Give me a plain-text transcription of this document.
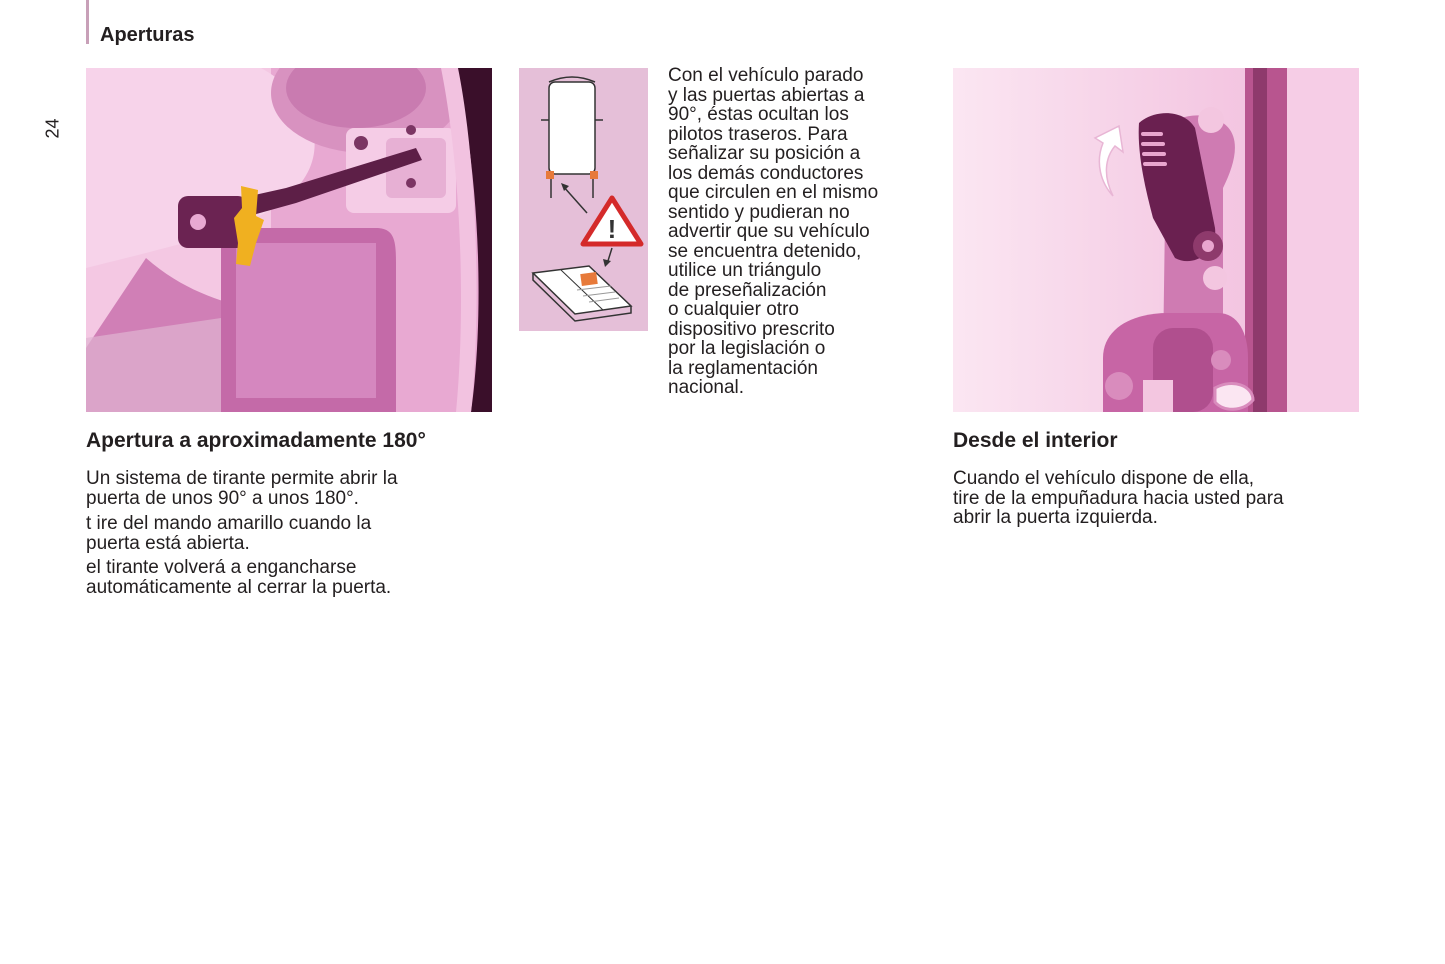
Aperturas
24
!
Con el vehículo parado
y las puertas abiertas a
90°, éstas ocultan los
pilotos traseros. Para
señalizar su posición a
los demás conductores
que circulen en el mismo
sentido y pudieran no
advertir que su vehículo
se encuentra detenido,
utilice un triángulo
de preseñalización
o cualquier otro
dispositivo prescrito
por la legislación o
la reglamentación
nacional.
Apertura a aproximadamente 180°
Un sistema de tirante permite abrir la
puerta de unos 90° a unos 180°.
t ire del mando amarillo cuando la
puerta está abierta.
el tirante volverá a engancharse
automáticamente al cerrar la puerta.
Desde el interior
Cuando el vehículo dispone de ella,
tire de la empuñadura hacia usted para
abrir la puerta izquierda.
